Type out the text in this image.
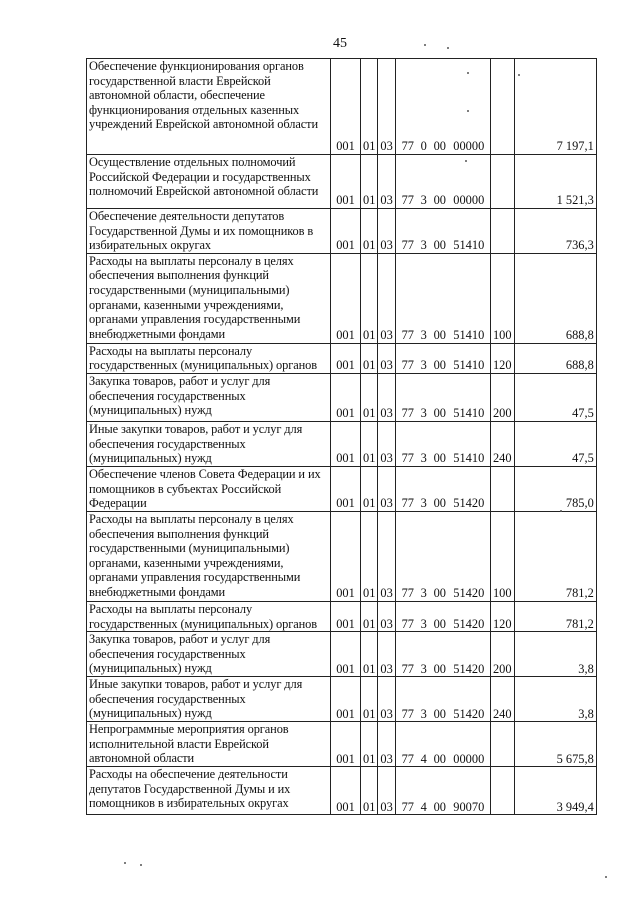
45
Обеспечение функционирования органов государственной власти Еврейской автономной области, обеспечение функционирования отдельных казенных учреждений Еврейской автономной области	001	01	03	77 0 00 00000		7 197,1

Осуществление отдельных полномочий Российской Федерации и государственных полномочий Еврейской автономной области	001	01	03	77 3 00 00000		1 521,3

Обеспечение деятельности депутатов Государственной Думы и их помощников в избирательных округах	001	01	03	77 3 00 51410		736,3

Расходы на выплаты персоналу в целях обеспечения выполнения функций государственными (муниципальными) органами, казенными учреждениями, органами управления государственными внебюджетными фондами	001	01	03	77 3 00 51410	100	688,8

Расходы на выплаты персоналу государственных (муниципальных) органов	001	01	03	77 3 00 51410	120	688,8

Закупка товаров, работ и услуг для обеспечения государственных (муниципальных) нужд	001	01	03	77 3 00 51410	200	47,5

Иные закупки товаров, работ и услуг для обеспечения государственных (муниципальных) нужд	001	01	03	77 3 00 51410	240	47,5

Обеспечение членов Совета Федерации и их помощников в субъектах Российской Федерации	001	01	03	77 3 00 51420		785,0

Расходы на выплаты персоналу в целях обеспечения выполнения функций государственными (муниципальными) органами, казенными учреждениями, органами управления государственными внебюджетными фондами	001	01	03	77 3 00 51420	100	781,2

Расходы на выплаты персоналу государственных (муниципальных) органов	001	01	03	77 3 00 51420	120	781,2

Закупка товаров, работ и услуг для обеспечения государственных (муниципальных) нужд	001	01	03	77 3 00 51420	200	3,8

Иные закупки товаров, работ и услуг для обеспечения государственных (муниципальных) нужд	001	01	03	77 3 00 51420	240	3,8

Непрограммные мероприятия органов исполнительной власти Еврейской автономной области	001	01	03	77 4 00 00000		5 675,8

Расходы на обеспечение деятельности депутатов Государственной Думы и их помощников в избирательных округах	001	01	03	77 4 00 90070		3 949,4
